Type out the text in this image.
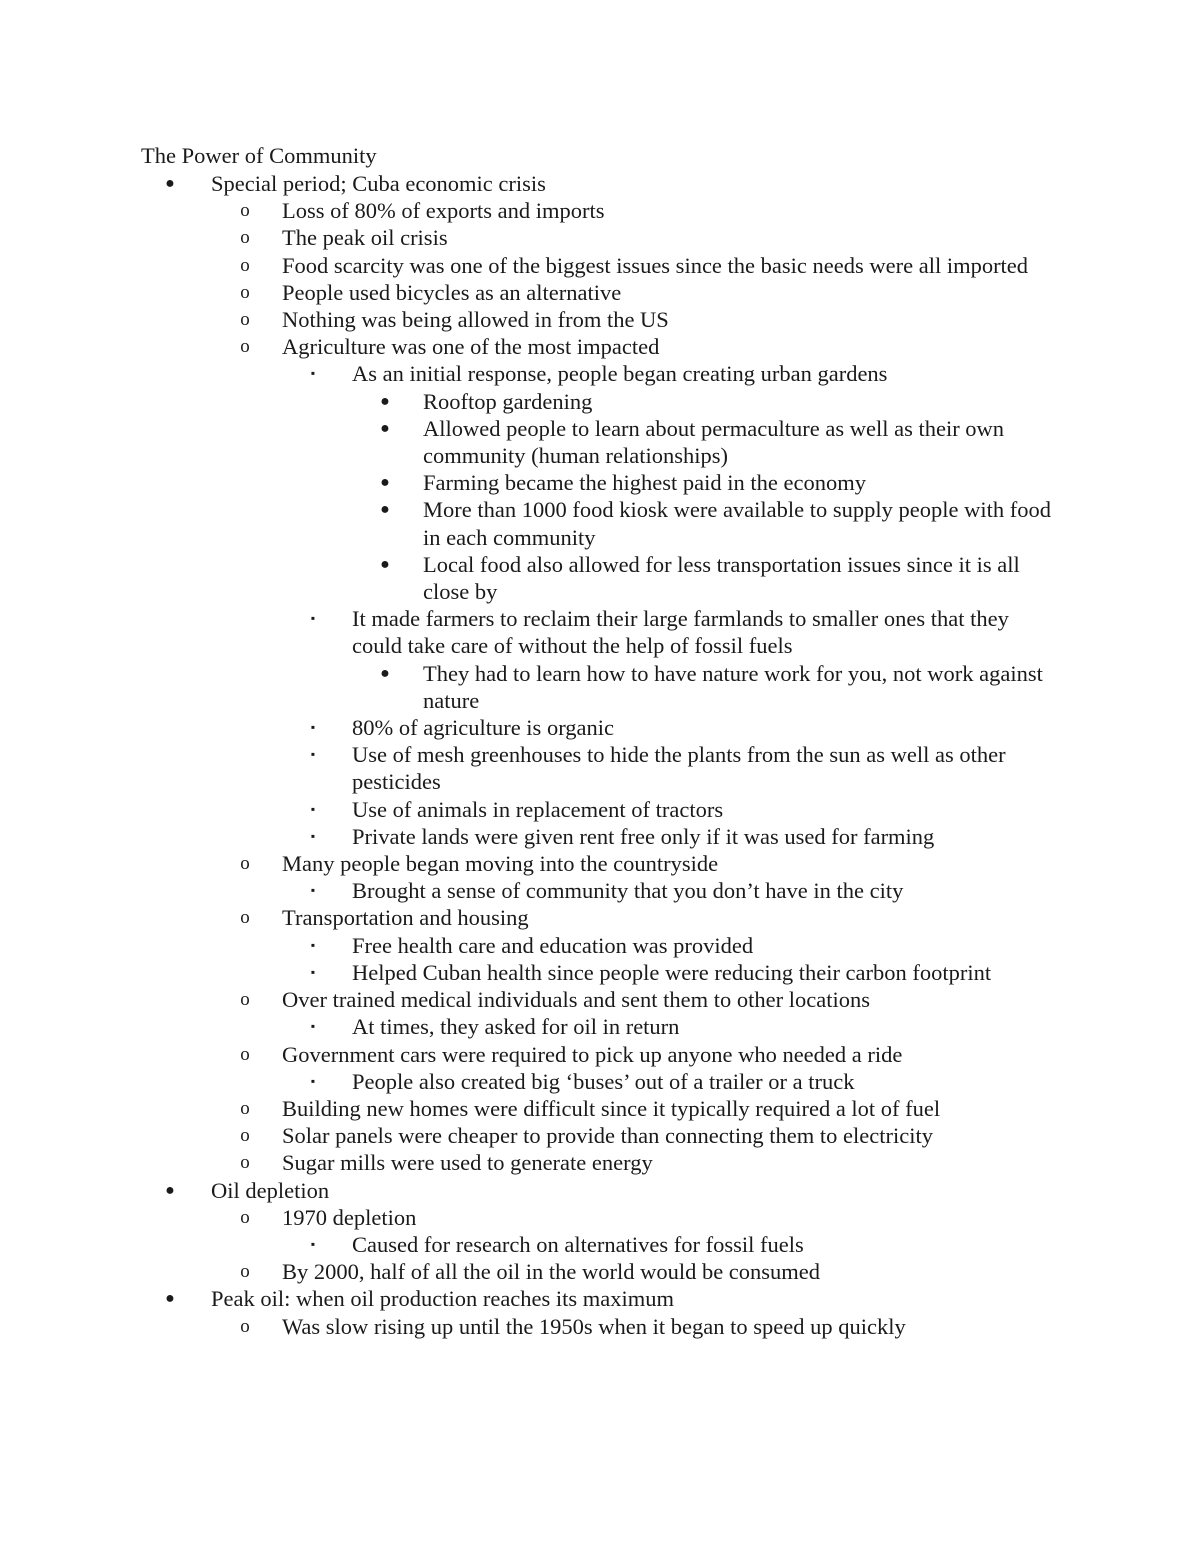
The Power of Community
● Special period; Cuba economic crisis
o Loss of 80% of exports and imports
o The peak oil crisis
o Food scarcity was one of the biggest issues since the basic needs were all imported
o People used bicycles as an alternative
o Nothing was being allowed in from the US
o Agriculture was one of the most impacted
▪	As an initial response, people began creating urban gardens
● Rooftop gardening
● Allowed people to learn about permaculture as well as their own community (human relationships)
● Farming became the highest paid in the economy
● More than 1000 food kiosk were available to supply people with food in each community
● Local food also allowed for less transportation issues since it is all close by
▪	It made farmers to reclaim their large farmlands to smaller ones that they could take care of without the help of fossil fuels
● They had to learn how to have nature work for you, not work against nature
▪	80% of agriculture is organic
▪	Use of mesh greenhouses to hide the plants from the sun as well as other pesticides
▪	Use of animals in replacement of tractors
▪	Private lands were given rent free only if it was used for farming
o Many people began moving into the countryside
▪	Brought a sense of community that you don’t have in the city
o Transportation and housing
▪	Free health care and education was provided
▪	Helped Cuban health since people were reducing their carbon footprint
o Over trained medical individuals and sent them to other locations
▪	At times, they asked for oil in return
o Government cars were required to pick up anyone who needed a ride
▪	People also created big ‘buses’ out of a trailer or a truck
o Building new homes were difficult since it typically required a lot of fuel
o Solar panels were cheaper to provide than connecting them to electricity
o Sugar mills were used to generate energy
● Oil depletion
o 1970 depletion
▪	Caused for research on alternatives for fossil fuels
o By 2000, half of all the oil in the world would be consumed
● Peak oil: when oil production reaches its maximum
o Was slow rising up until the 1950s when it began to speed up quickly
